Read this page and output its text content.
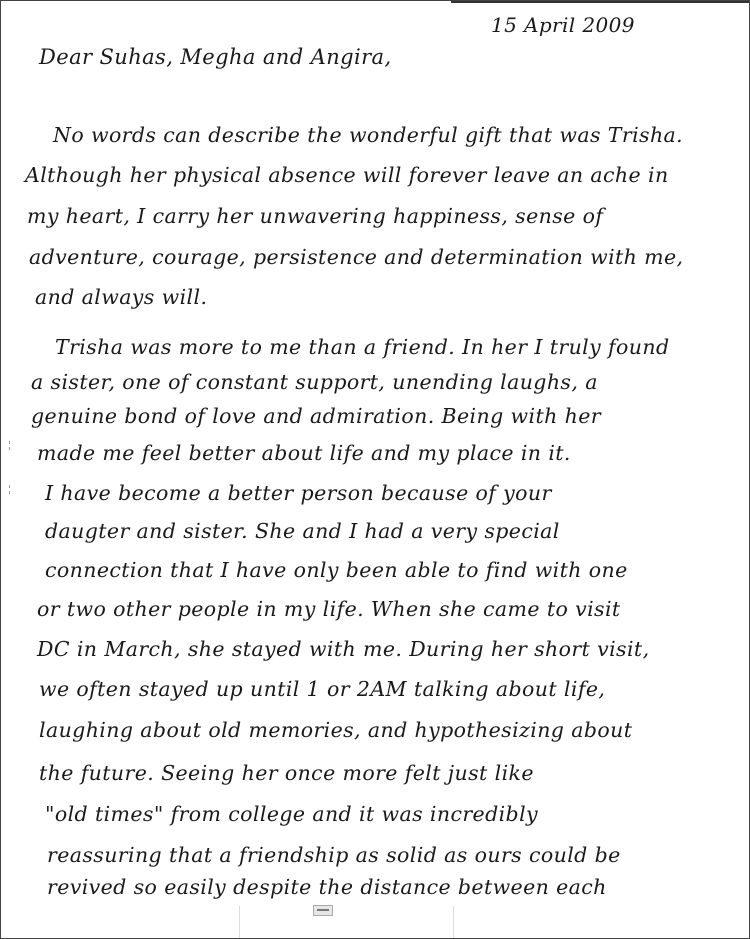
15 April 2009
Dear Suhas, Megha and Angira,
No words can describe the wonderful gift that was Trisha.
Although her physical absence will forever leave an ache in
my heart, I carry her unwavering happiness, sense of
adventure, courage, persistence and determination with me,
and always will.
Trisha was more to me than a friend. In her I truly found
a sister, one of constant support, unending laughs, a
genuine bond of love and admiration. Being with her
made me feel better about life and my place in it.
I have become a better person because of your
daugter and sister. She and I had a very special
connection that I have only been able to find with one
or two other people in my life. When she came to visit
DC in March, she stayed with me. During her short visit,
we often stayed up until 1 or 2AM talking about life,
laughing about old memories, and hypothesizing about
the future. Seeing her once more felt just like
"old times" from college and it was incredibly
reassuring that a friendship as solid as ours could be
revived so easily despite the distance between each
